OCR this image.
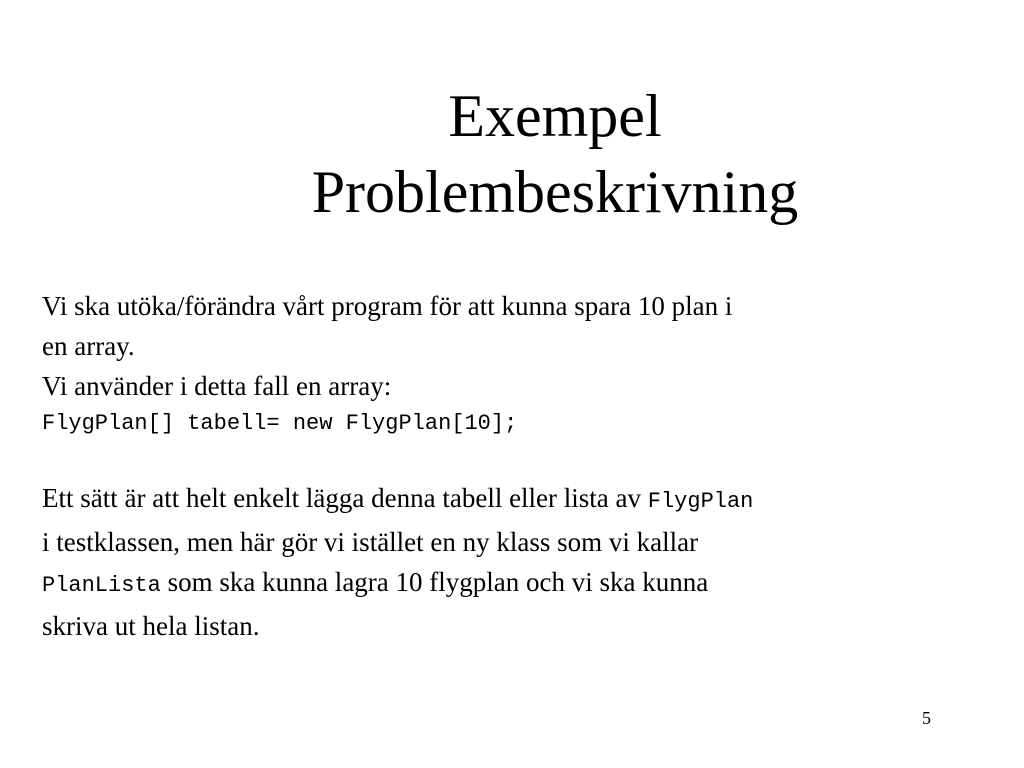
Exempel
Problembeskrivning
Vi ska utöka/förändra vårt program för att kunna spara 10 plan i
en array.
Vi använder i detta fall en array:
FlygPlan[] tabell= new FlygPlan[10];
Ett sätt är att helt enkelt lägga denna tabell eller lista av FlygPlan
i testklassen, men här gör vi istället en ny klass som vi kallar
PlanLista som ska kunna lagra 10 flygplan och vi ska kunna
skriva ut hela listan.
5
